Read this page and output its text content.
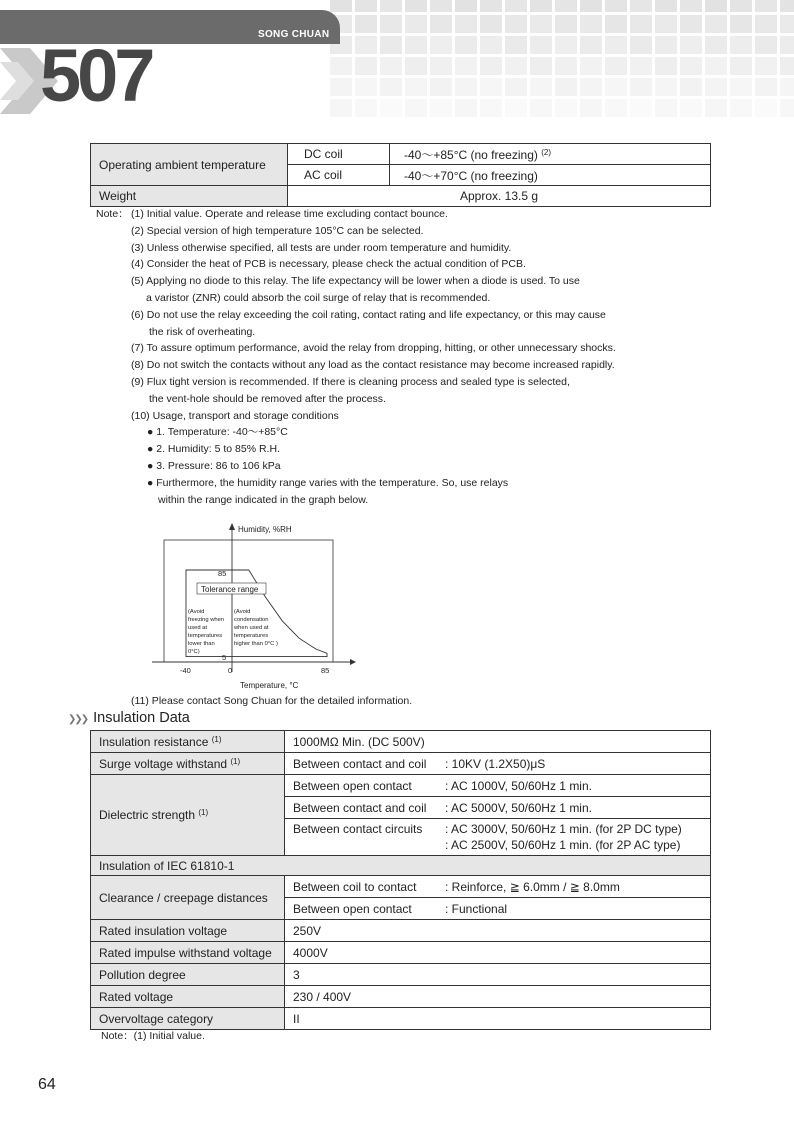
SONG CHUAN
507
Operating ambient temperature	DC coil	-40～+85°C (no freezing) $^{(2)}$
	AC coil	-40～+70°C (no freezing)
Weight	Approx. 13.5 g	
Note： (1) Initial value. Operate and release time excluding contact bounce.
(2) Special version of high temperature 105°C can be selected.
(3) Unless otherwise specified, all tests are under room temperature and humidity.
(4) Consider the heat of PCB is necessary, please check the actual condition of PCB.
(5) Applying no diode to this relay. The life expectancy will be lower when a diode is used. To use
a varistor (ZNR) could absorb the coil surge of relay that is recommended.
(6) Do not use the relay exceeding the coil rating, contact rating and life expectancy, or this may cause
the risk of overheating.
(7) To assure optimum performance, avoid the relay from dropping, hitting, or other unnecessary shocks.
(8) Do not switch the contacts without any load as the contact resistance may become increased rapidly.
(9) Flux tight version is recommended. If there is cleaning process and sealed type is selected,
the vent-hole should be removed after the process.
(10) Usage, transport and storage conditions
● 1. Temperature: -40～+85°C
● 2. Humidity: 5 to 85% R.H.
● 3. Pressure: 86 to 106 kPa
● Furthermore, the humidity range varies with the temperature. So, use relays
within the range indicated in the graph below.
Humidity, %RH
85
5
-40	0	85
Tolerance range
(Avoid
freezing when
used at
temperatures
lower than
0°C)
(Avoid
condensation
when used at
temperatures
higher than 0°C )
Temperature, °C
(11) Please contact Song Chuan for the detailed information.
❯❯❯ Insulation Data
Insulation resistance $^{(1)}$	1000MΩ Min. (DC 500V)
Surge voltage withstand $^{(1)}$	Between contact and coil : 10KV (1.2X50)μS
Dielectric strength $^{(1)}$	Between open contact : AC 1000V, 50/60Hz 1 min.
	Between contact and coil : AC 5000V, 50/60Hz 1 min.

	Between contact circuits : AC 3000V, 50/60Hz 1 min. (for 2P DC type)
: AC 2500V, 50/60Hz 1 min. (for 2P AC type)

Insulation of IEC 61810-1	
Clearance / creepage distances	Between coil to contact : Reinforce, ≧ 6.0mm / ≧ 8.0mm
	Between open contact : Functional
Rated insulation voltage	250V
Rated impulse withstand voltage	4000V
Pollution degree	3
Rated voltage	230 / 400V
Overvoltage category	II
Note：(1) Initial value.
64
